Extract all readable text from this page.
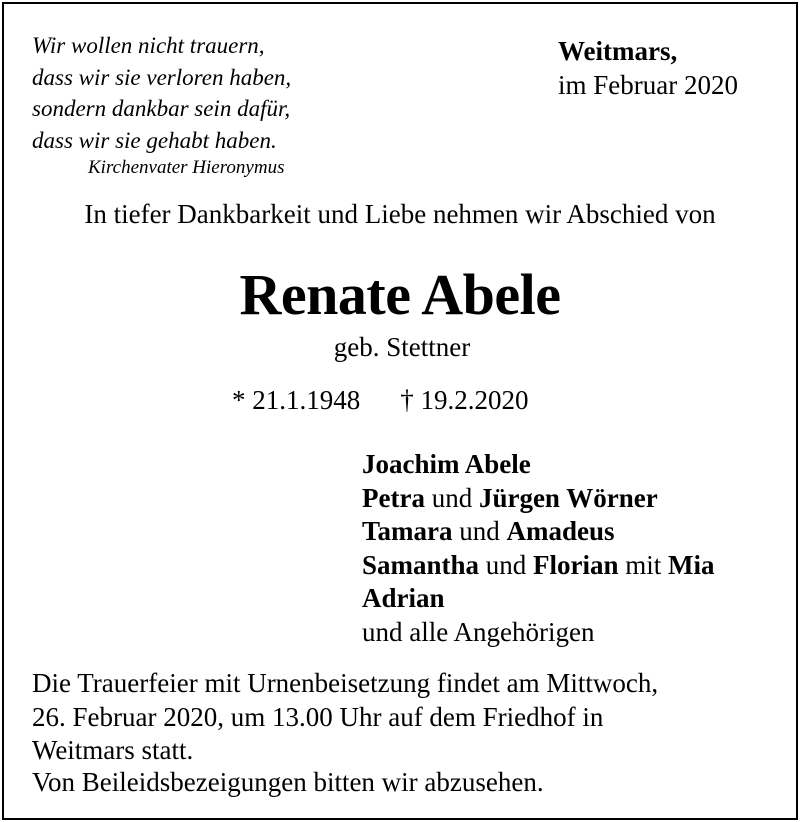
Wir wollen nicht trauern,
dass wir sie verloren haben,
sondern dankbar sein dafür,
dass wir sie gehabt haben.
Kirchenvater Hieronymus
Weitmars,
im Februar 2020
In tiefer Dankbarkeit und Liebe nehmen wir Abschied von
Renate Abele
geb. Stettner
* 21.1.1948 † 19.2.2020
Joachim Abele
Petra und Jürgen Wörner
Tamara und Amadeus
Samantha und Florian mit Mia
Adrian
und alle Angehörigen
Die Trauerfeier mit Urnenbeisetzung findet am Mittwoch,
26. Februar 2020, um 13.00 Uhr auf dem Friedhof in
Weitmars statt.
Von Beileidsbezeigungen bitten wir abzusehen.
